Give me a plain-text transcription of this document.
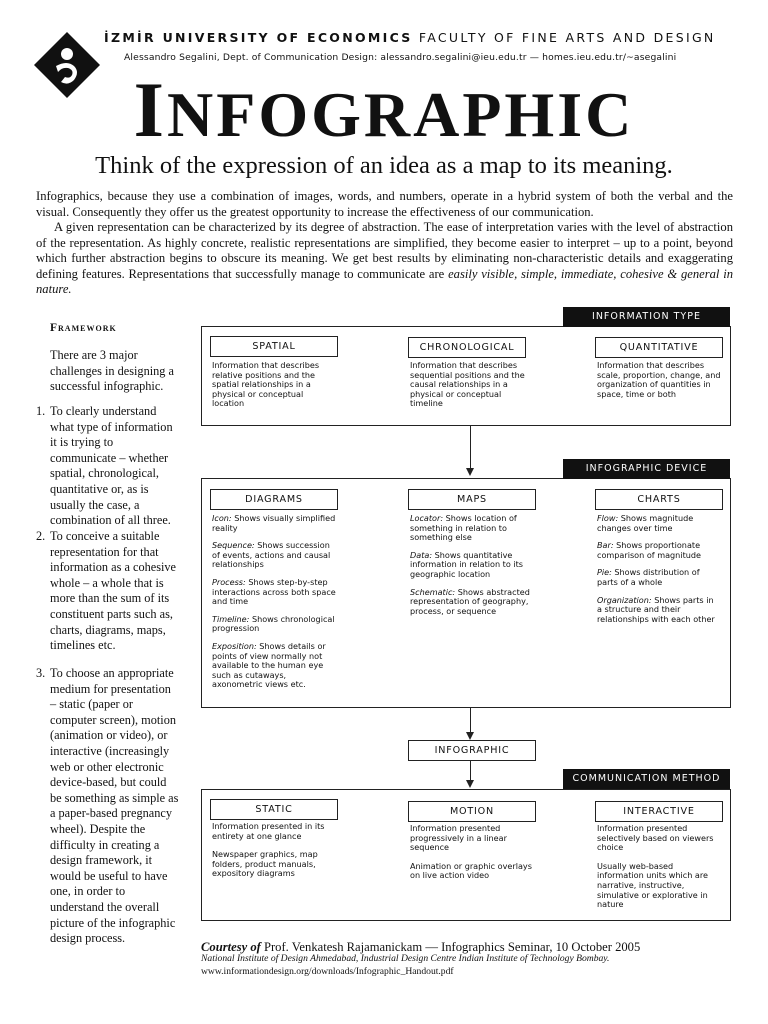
İZMİR UNIVERSITY OF ECONOMICS FACULTY OF FINE ARTS AND DESIGN
Alessandro Segalini, Dept. of Communication Design: alessandro.segalini@ieu.edu.tr — homes.ieu.edu.tr/~asegalini
INFOGRAPHIC
Think of the expression of an idea as a map to its meaning.
Infographics, because they use a combination of images, words, and numbers, operate in a hybrid system of both the verbal and the visual. Consequently they offer us the greatest opportunity to increase the effectiveness of our communication.
A given representation can be characterized by its degree of abstraction. The ease of interpretation varies with the level of abstraction of the representation. As highly concrete, realistic representations are simplified, they become easier to interpret – up to a point, beyond which further abstraction begins to obscure its meaning. We get best results by eliminating non-characteristic details and exaggerating defining features. Representations that successfully manage to communicate are easily visible, simple, immediate, cohesive & general in nature.
Framework
There are 3 major challenges in designing a successful infographic.
1. To clearly understand what type of information it is trying to communicate – whether spatial, chronological, quantitative or, as is usually the case, a combination of all three.
2. To conceive a suitable representation for that information as a cohesive whole – a whole that is more than the sum of its constituent parts such as, charts, diagrams, maps, timelines etc.
3. To choose an appropriate medium for presentation – static (paper or computer screen), motion (animation or video), or interactive (increasingly web or other electronic device-based, but could be something as simple as a paper-based pregnancy wheel). Despite the difficulty in creating a design framework, it would be useful to have one, in order to understand the overall picture of the infographic design process.
INFORMATION TYPE
SPATIAL
Information that describes relative positions and the spatial relationships in a physical or conceptual location
CHRONOLOGICAL
Information that describes sequential positions and the causal relationships in a physical or conceptual timeline
QUANTITATIVE
Information that describes scale, proportion, change, and organization of quantities in space, time or both
INFOGRAPHIC DEVICE
DIAGRAMS
Icon: Shows visually simplified reality
Sequence: Shows succession of events, actions and causal relationships
Process: Shows step-by-step interactions across both space and time
Timeline: Shows chronological progression
Exposition: Shows details or points of view normally not available to the human eye such as cutaways, axonometric views etc.
MAPS
Locator: Shows location of something in relation to something else
Data: Shows quantitative information in relation to its geographic location
Schematic: Shows abstracted representation of geography, process, or sequence
CHARTS
Flow: Shows magnitude changes over time
Bar: Shows proportionate comparison of magnitude
Pie: Shows distribution of parts of a whole
Organization: Shows parts in a structure and their relationships with each other
INFOGRAPHIC
COMMUNICATION METHOD
STATIC
Information presented in its entirety at one glance
Newspaper graphics, map folders, product manuals, expository diagrams
MOTION
Information presented progressively in a linear sequence
Animation or graphic overlays on live action video
INTERACTIVE
Information presented selectively based on viewers choice
Usually web-based information units which are narrative, instructive, simulative or explorative in nature
Courtesy of Prof. Venkatesh Rajamanickam — Infographics Seminar, 10 October 2005
National Institute of Design Ahmedabad, Industrial Design Centre Indian Institute of Technology Bombay.
www.informationdesign.org/downloads/Infographic_Handout.pdf
